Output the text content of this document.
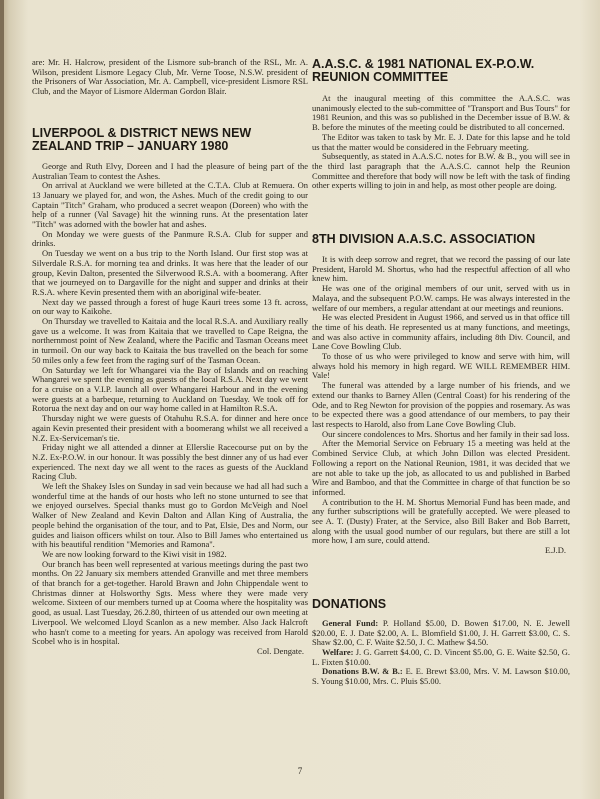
are: Mr. H. Halcrow, president of the Lismore sub-branch of the RSL, Mr. A. Wilson, president Lismore Legacy Club, Mr. Verne Toose, N.S.W. president of the Prisoners of War Association, Mr. A. Campbell, vice-president Lismore RSL Club, and the Mayor of Lismore Alderman Gordon Blair.

LIVERPOOL & DISTRICT NEWS NEW ZEALAND TRIP – JANUARY 1980

George and Ruth Elvy, Doreen and I had the pleasure of being part of the Australian Team to contest the Ashes.

On arrival at Auckland we were billeted at the C.T.A. Club at Remuera. On 13 January we played for, and won, the Ashes. Much of the credit going to our Captain "Titch" Graham, who produced a secret weapon (Doreen) who with the help of a runner (Val Savage) hit the winning runs. At the presentation later "Titch" was adorned with the bowler hat and ashes.

On Monday we were guests of the Panmure R.S.A. Club for supper and drinks.

On Tuesday we went on a bus trip to the North Island. Our first stop was at Silverdale R.S.A. for morning tea and drinks. It was here that the leader of our group, Kevin Dalton, presented the Silverwood R.S.A. with a boomerang. After that we journeyed on to Dargaville for the night and supper and drinks at their R.S.A. where Kevin presented them with an aboriginal wife-beater.

Next day we passed through a forest of huge Kauri trees some 13 ft. across, on our way to Kaikohe.

On Thursday we travelled to Kaitaia and the local R.S.A. and Auxiliary really gave us a welcome. It was from Kaitaia that we travelled to Cape Reigna, the northernmost point of New Zealand, where the Pacific and Tasman Oceans meet in turmoil. On our way back to Kaitaia the bus travelled on the beach for some 50 miles only a few feet from the raging surf of the Tasman Ocean.

On Saturday we left for Whangarei via the Bay of Islands and on reaching Whangarei we spent the evening as guests of the local R.S.A. Next day we went for a cruise on a V.I.P. launch all over Whangarei Harbour and in the evening were guests at a barbeque, returning to Auckland on Tuesday. We took off for Rotorua the next day and on our way home called in at Hamilton R.S.A.

Thursday night we were guests of Otahuhu R.S.A. for dinner and here once again Kevin presented their president with a boomerang whilst we all received a N.Z. Ex-Serviceman's tie.

Friday night we all attended a dinner at Ellerslie Racecourse put on by the N.Z. Ex-P.O.W. in our honour. It was possibly the best dinner any of us had ever experienced. The next day we all went to the races as guests of the Auckland Racing Club.

We left the Shakey Isles on Sunday in sad vein because we had all had such a wonderful time at the hands of our hosts who left no stone unturned to see that we enjoyed ourselves. Special thanks must go to Gordon McVeigh and Noel Walker of New Zealand and Kevin Dalton and Allan King of Australia, the people behind the organisation of the tour, and to Pat, Elsie, Des and Norm, our guides and liaison officers whilst on tour. Also to Bill James who entertained us with his beautiful rendition "Memories and Ramona".

We are now looking forward to the Kiwi visit in 1982.

Our branch has been well represented at various meetings during the past two months. On 22 January six members attended Granville and met three members of that branch for a get-together. Harold Brawn and John Chippendale went to Christmas dinner at Holsworthy Sgts. Mess where they were made very welcome. Sixteen of our members turned up at Cooma where the hospitality was good, as usual. Last Tuesday, 26.2.80, thirteen of us attended our own meeting at Liverpool. We welcomed Lloyd Scanlon as a new member. Also Jack Halcroft who hasn't come to a meeting for years. An apology was received from Harold Scobel who is in hospital.

Col. Dengate.

A.A.S.C. & 1981 NATIONAL EX-P.O.W. REUNION COMMITTEE

At the inaugural meeting of this committee the A.A.S.C. was unanimously elected to the sub-committee of "Transport and Bus Tours" for 1981 Reunion, and this was so published in the December issue of B.W. & B. before the minutes of the meeting could be distributed to all concerned.

The Editor was taken to task by Mr. E. J. Date for this lapse and he told us that the matter would be considered in the February meeting.

Subsequently, as stated in A.A.S.C. notes for B.W. & B., you will see in the third last paragraph that the A.A.S.C. cannot help the Reunion Committee and therefore that body will now be left with the task of finding other experts willing to join in and help, as most other people are doing.

8TH DIVISION A.A.S.C. ASSOCIATION

It is with deep sorrow and regret, that we record the passing of our late President, Harold M. Shortus, who had the respectful affection of all who knew him.

He was one of the original members of our unit, served with us in Malaya, and the subsequent P.O.W. camps. He was always interested in the welfare of our members, a regular attendant at our meetings and reunions.

He was elected President in August 1966, and served us in that office till the time of his death. He represented us at many functions, and meetings, and was also active in community affairs, including 8th Div. Council, and Lane Cove Bowling Club.

To those of us who were privileged to know and serve with him, will always hold his memory in high regard. WE WILL REMEMBER HIM. Vale!

The funeral was attended by a large number of his friends, and we extend our thanks to Barney Allen (Central Coast) for his rendering of the Ode, and to Reg Newton for provision of the poppies and rosemary. As was to be expected there was a good attendance of our members, to pay their last respects to Harold, also from Lane Cove Bowling Club.

Our sincere condolences to Mrs. Shortus and her family in their sad loss.

After the Memorial Service on February 15 a meeting was held at the Combined Service Club, at which John Dillon was elected President. Following a report on the National Reunion, 1981, it was decided that we are not able to take up the job, as allocated to us and published in Barbed Wire and Bamboo, and that the Committee in charge of that function be so informed.

A contribution to the H. M. Shortus Memorial Fund has been made, and any further subscriptions will be gratefully accepted. We were pleased to see A. T. (Dusty) Frater, at the Service, also Bill Baker and Bob Barrett, along with the usual good number of our regulars, but there are still a lot more how, I am sure, could attend.

E.J.D.

DONATIONS

General Fund: P. Holland $5.00, D. Bowen $17.00, N. E. Jewell $20.00, E. J. Date $2.00, A. L. Blomfield $1.00, J. H. Garrett $3.00, C. S. Shaw $2.00, C. F. Waite $2.50, J. C. Mathew $4.50.

Welfare: J. G. Garrett $4.00, C. D. Vincent $5.00, G. E. Waite $2.50, G. L. Fixten $10.00.

Donations B.W. & B.: E. E. Brewt $3.00, Mrs. V. M. Lawson $10.00, S. Young $10.00, Mrs. C. Pluis $5.00.

7
